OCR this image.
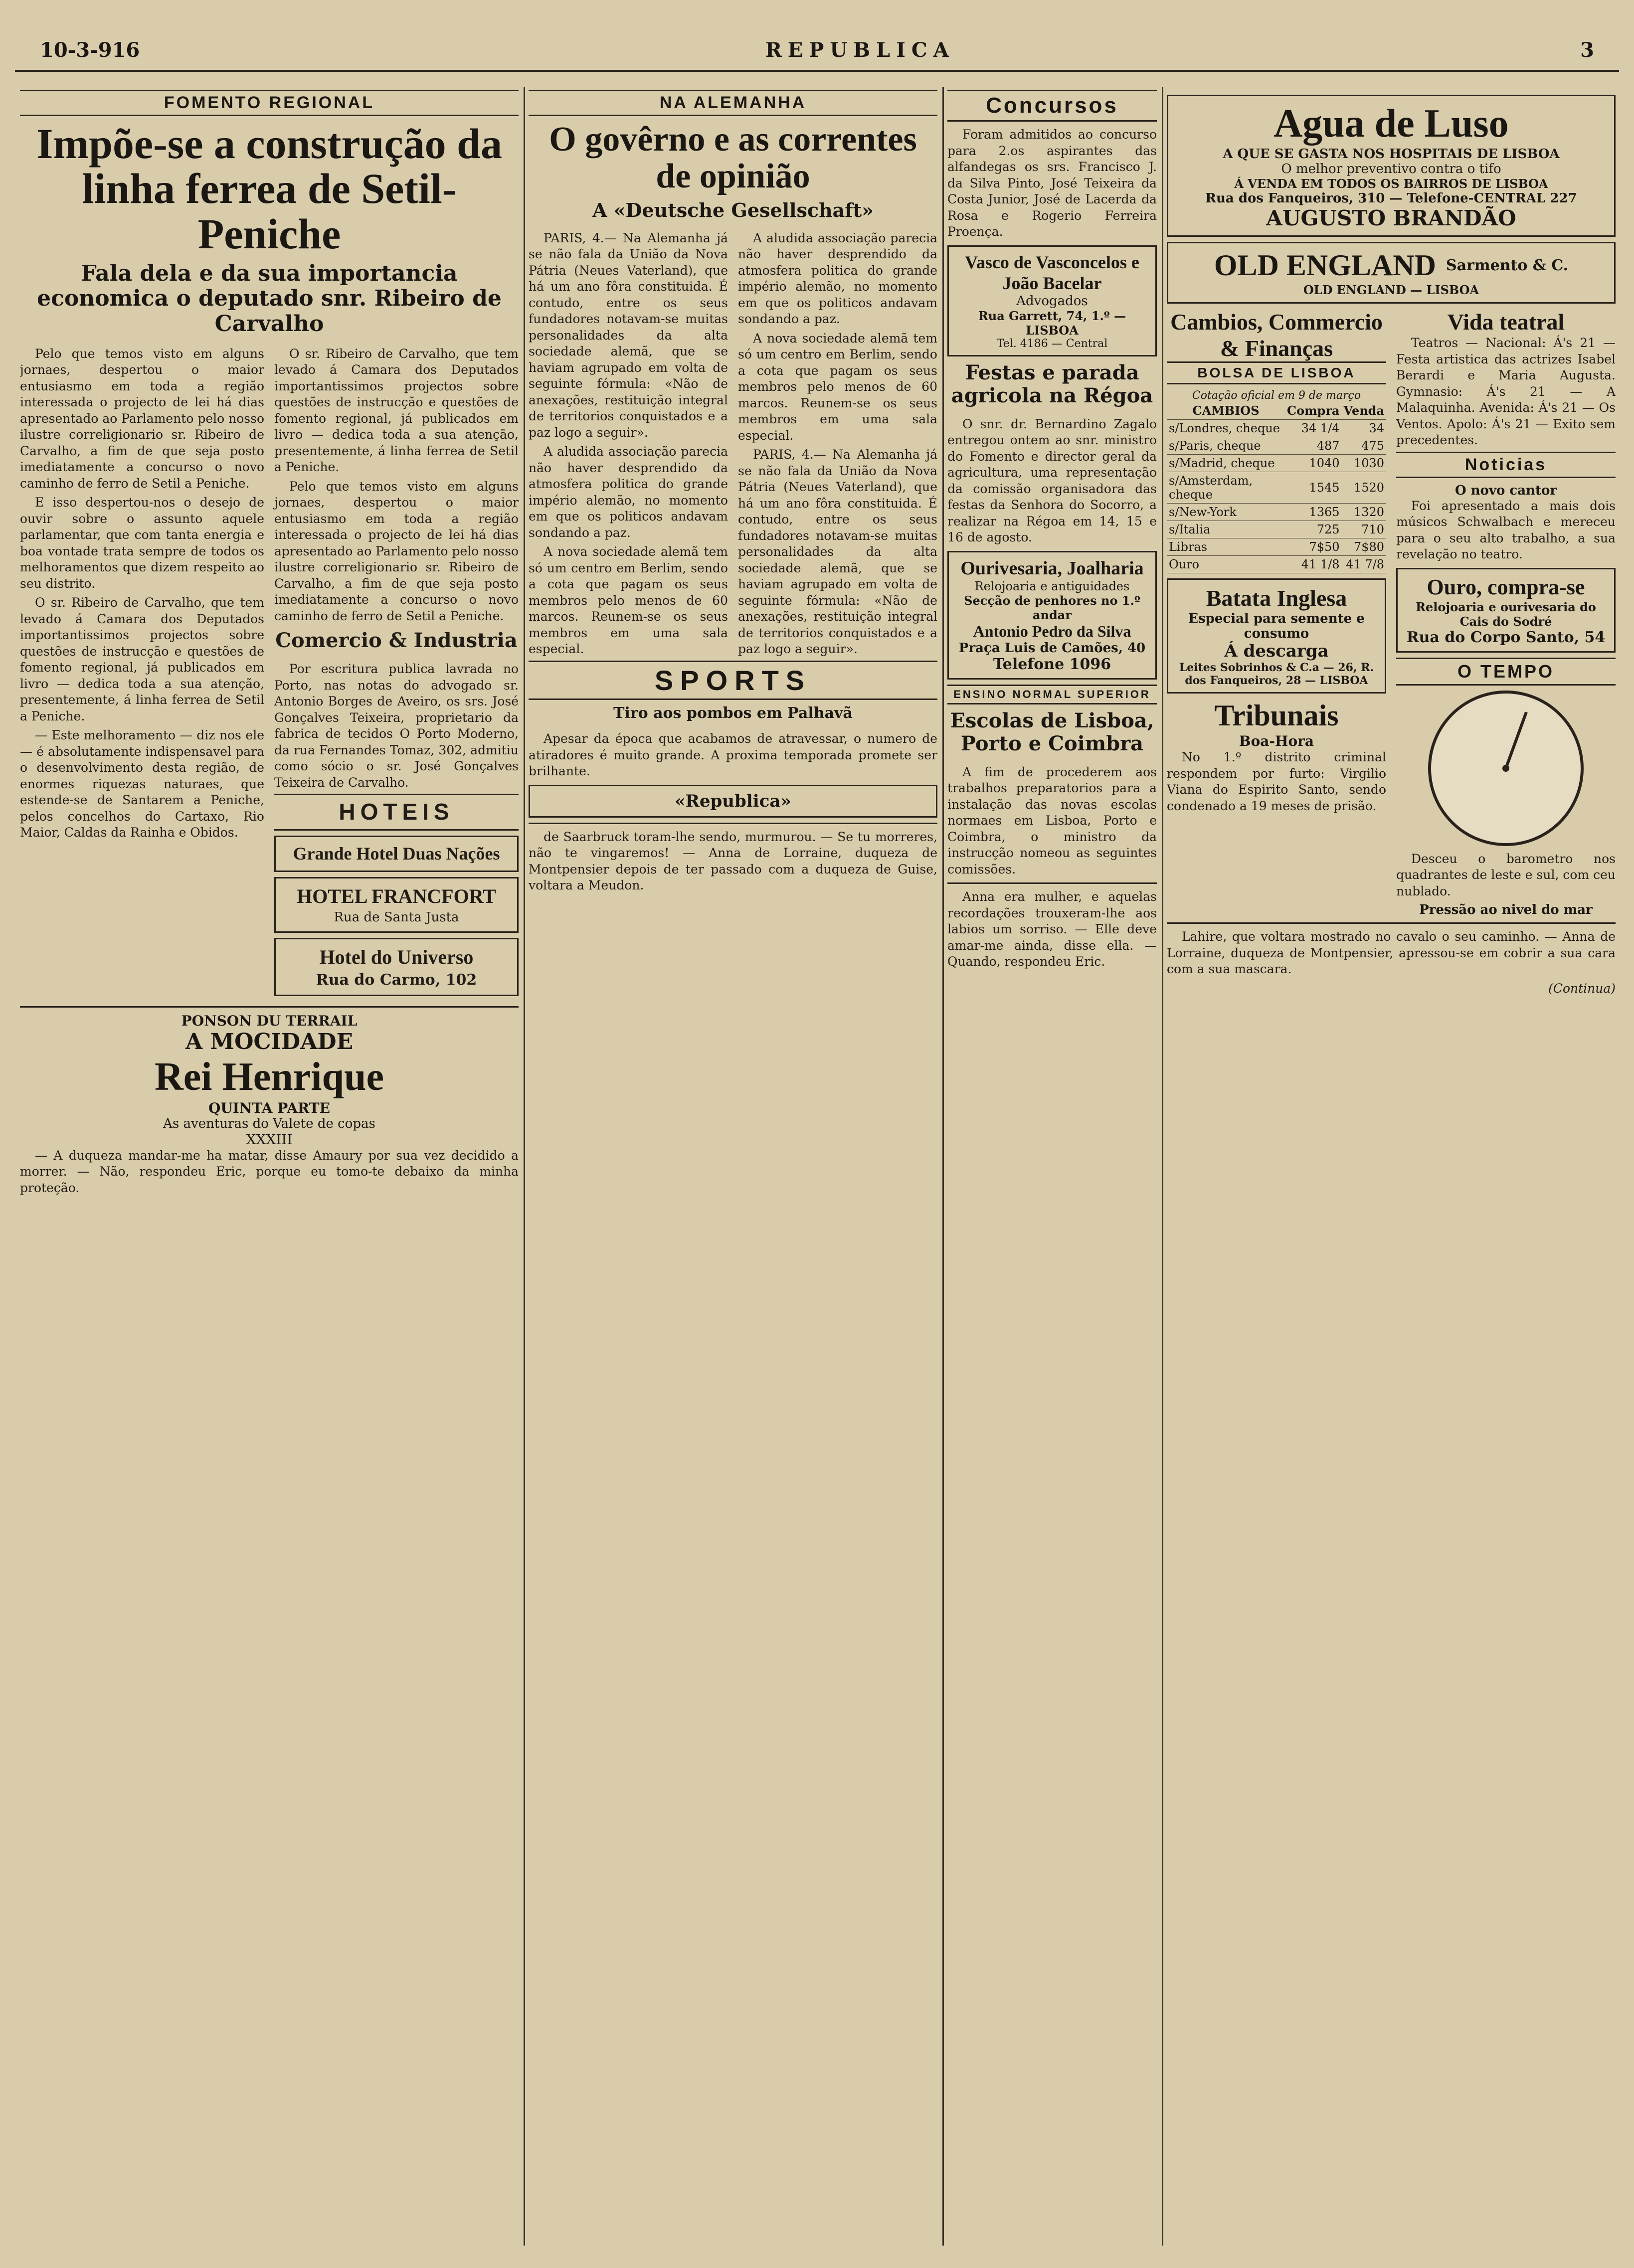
10-3-916	REPUBLICA	3
FOMENTO REGIONAL
Impõe-se a construção da linha ferrea de Setil-Peniche
Fala dela e da sua importancia economica o deputado snr. Ribeiro de Carvalho

Pelo que temos visto em alguns jornaes, despertou o maior entusiasmo em toda a região interessada o projecto de lei há dias apresentado ao Parlamento pelo nosso ilustre correligionario sr. Ribeiro de Carvalho, a fim de que seja posto imediatamente a concurso o novo caminho de ferro de Setil a Peniche.

E isso despertou-nos o desejo de ouvir sobre o assunto aquele parlamentar, que com tanta energia e boa vontade trata sempre de todos os melhoramentos que dizem respeito ao seu distrito.

O sr. Ribeiro de Carvalho, que tem levado á Camara dos Deputados importantissimos projectos sobre questões de instrucção e questões de fomento regional, já publicados em livro — dedica toda a sua atenção, presentemente, á linha ferrea de Setil a Peniche.

— Este melhoramento — diz nos ele — é absolutamente indispensavel para o desenvolvimento desta região, de enormes riquezas naturaes, que estende-se de Santarem a Peniche, pelos concelhos do Cartaxo, Rio Maior, Caldas da Rainha e Obidos.

O sr. Ribeiro de Carvalho, que tem levado á Camara dos Deputados importantissimos projectos sobre questões de instrucção e questões de fomento regional, já publicados em livro — dedica toda a sua atenção, presentemente, á linha ferrea de Setil a Peniche.

Pelo que temos visto em alguns jornaes, despertou o maior entusiasmo em toda a região interessada o projecto de lei há dias apresentado ao Parlamento pelo nosso ilustre correligionario sr. Ribeiro de Carvalho, a fim de que seja posto imediatamente a concurso o novo caminho de ferro de Setil a Peniche.

Comercio & Industria

Por escritura publica lavrada no Porto, nas notas do advogado sr. Antonio Borges de Aveiro, os srs. José Gonçalves Teixeira, proprietario da fabrica de tecidos O Porto Moderno, da rua Fernandes Tomaz, 302, admitiu como sócio o sr. José Gonçalves Teixeira de Carvalho.

HOTEIS
Grande Hotel Duas Nações
HOTEL FRANCFORT
Rua de Santa Justa
Hotel do Universo
Rua do Carmo, 102
PONSON DU TERRAIL
A MOCIDADE
Rei Henrique
QUINTA PARTE
As aventuras do Valete de copas
XXXIII

— A duqueza mandar-me ha matar, disse Amaury por sua vez decidido a morrer. — Não, respondeu Eric, porque eu tomo-te debaixo da minha proteção.

NA ALEMANHA
O govêrno e as correntes de opinião
A «Deutsche Gesellschaft»

PARIS, 4.— Na Alemanha já se não fala da União da Nova Pátria (Neues Vaterland), que há um ano fôra constituida. É contudo, entre os seus fundadores notavam-se muitas personalidades da alta sociedade alemã, que se haviam agrupado em volta de seguinte fórmula: «Não de anexações, restituição integral de territorios conquistados e a paz logo a seguir».

A aludida associação parecia não haver desprendido da atmosfera politica do grande império alemão, no momento em que os politicos andavam sondando a paz.

A nova sociedade alemã tem só um centro em Berlim, sendo a cota que pagam os seus membros pelo menos de 60 marcos. Reunem-se os seus membros em uma sala especial.

A aludida associação parecia não haver desprendido da atmosfera politica do grande império alemão, no momento em que os politicos andavam sondando a paz.

A nova sociedade alemã tem só um centro em Berlim, sendo a cota que pagam os seus membros pelo menos de 60 marcos. Reunem-se os seus membros em uma sala especial.

PARIS, 4.— Na Alemanha já se não fala da União da Nova Pátria (Neues Vaterland), que há um ano fôra constituida. É contudo, entre os seus fundadores notavam-se muitas personalidades da alta sociedade alemã, que se haviam agrupado em volta de seguinte fórmula: «Não de anexações, restituição integral de territorios conquistados e a paz logo a seguir».

SPORTS
Tiro aos pombos em Palhavã

Apesar da época que acabamos de atravessar, o numero de atiradores é muito grande. A proxima temporada promete ser brilhante.

«Republica»

de Saarbruck toram-lhe sendo, murmurou. — Se tu morreres, não te vingaremos! — Anna de Lorraine, duqueza de Montpensier depois de ter passado com a duqueza de Guise, voltara a Meudon.

Concursos

Foram admitidos ao concurso para 2.os aspirantes das alfandegas os srs. Francisco J. da Silva Pinto, José Teixeira da Costa Junior, José de Lacerda da Rosa e Rogerio Ferreira Proença.

Vasco de Vasconcelos e João Bacelar
Advogados
Rua Garrett, 74, 1.º — LISBOA
Tel. 4186 — Central
Festas e parada agricola na Régoa

O snr. dr. Bernardino Zagalo entregou ontem ao snr. ministro do Fomento e director geral da agricultura, uma representação da comissão organisadora das festas da Senhora do Socorro, a realizar na Régoa em 14, 15 e 16 de agosto.

Ourivesaria, Joalharia
Relojoaria e antiguidades
Secção de penhores no 1.º andar
Antonio Pedro da Silva
Praça Luis de Camões, 40
Telefone 1096
ENSINO NORMAL SUPERIOR
Escolas de Lisboa, Porto e Coimbra

A fim de procederem aos trabalhos preparatorios para a instalação das novas escolas normaes em Lisboa, Porto e Coimbra, o ministro da instrucção nomeou as seguintes comissões.

Anna era mulher, e aquelas recordações trouxeram-lhe aos labios um sorriso. — Elle deve amar-me ainda, disse ella. — Quando, respondeu Eric.

Agua de Luso
A QUE SE GASTA NOS HOSPITAIS DE LISBOA
O melhor preventivo contra o tifo
Á VENDA EM TODOS OS BAIRROS DE LISBOA
Rua dos Fanqueiros, 310 — Telefone-CENTRAL 227
AUGUSTO BRANDÃO
OLD ENGLAND Sarmento & C.
OLD ENGLAND — LISBOA
Cambios, Commercio & Finanças
BOLSA DE LISBOA
Cotação oficial em 9 de março
CAMBIOS	Compra	Venda
s/Londres, cheque	34 1/4	34
s/Paris, cheque	487	475
s/Madrid, cheque	1040	1030
s/Amsterdam, cheque	1545	1520
s/New-York	1365	1320
s/Italia	725	710
Libras	7$50	7$80
Ouro	41 1/8	41 7/8
Batata Inglesa
Especial para semente e consumo
Á descarga
Leites Sobrinhos & C.a — 26, R. dos Fanqueiros, 28 — LISBOA
Tribunais
Boa-Hora

No 1.º distrito criminal respondem por furto: Virgilio Viana do Espirito Santo, sendo condenado a 19 meses de prisão.

Vida teatral

Teatros — Nacional: Á's 21 — Festa artistica das actrizes Isabel Berardi e Maria Augusta. Gymnasio: Á's 21 — A Malaquinha. Avenida: Á's 21 — Os Ventos. Apolo: Á's 21 — Exito sem precedentes.

Noticias
O novo cantor

Foi apresentado a mais dois músicos Schwalbach e mereceu para o seu alto trabalho, a sua revelação no teatro.

Ouro, compra-se
Relojoaria e ourivesaria do Cais do Sodré
Rua do Corpo Santo, 54
O TEMPO

Desceu o barometro nos quadrantes de leste e sul, com ceu nublado.

Pressão ao nivel do mar

Lahire, que voltara mostrado no cavalo o seu caminho. — Anna de Lorraine, duqueza de Montpensier, apressou-se em cobrir a sua cara com a sua mascara.

(Continua)
